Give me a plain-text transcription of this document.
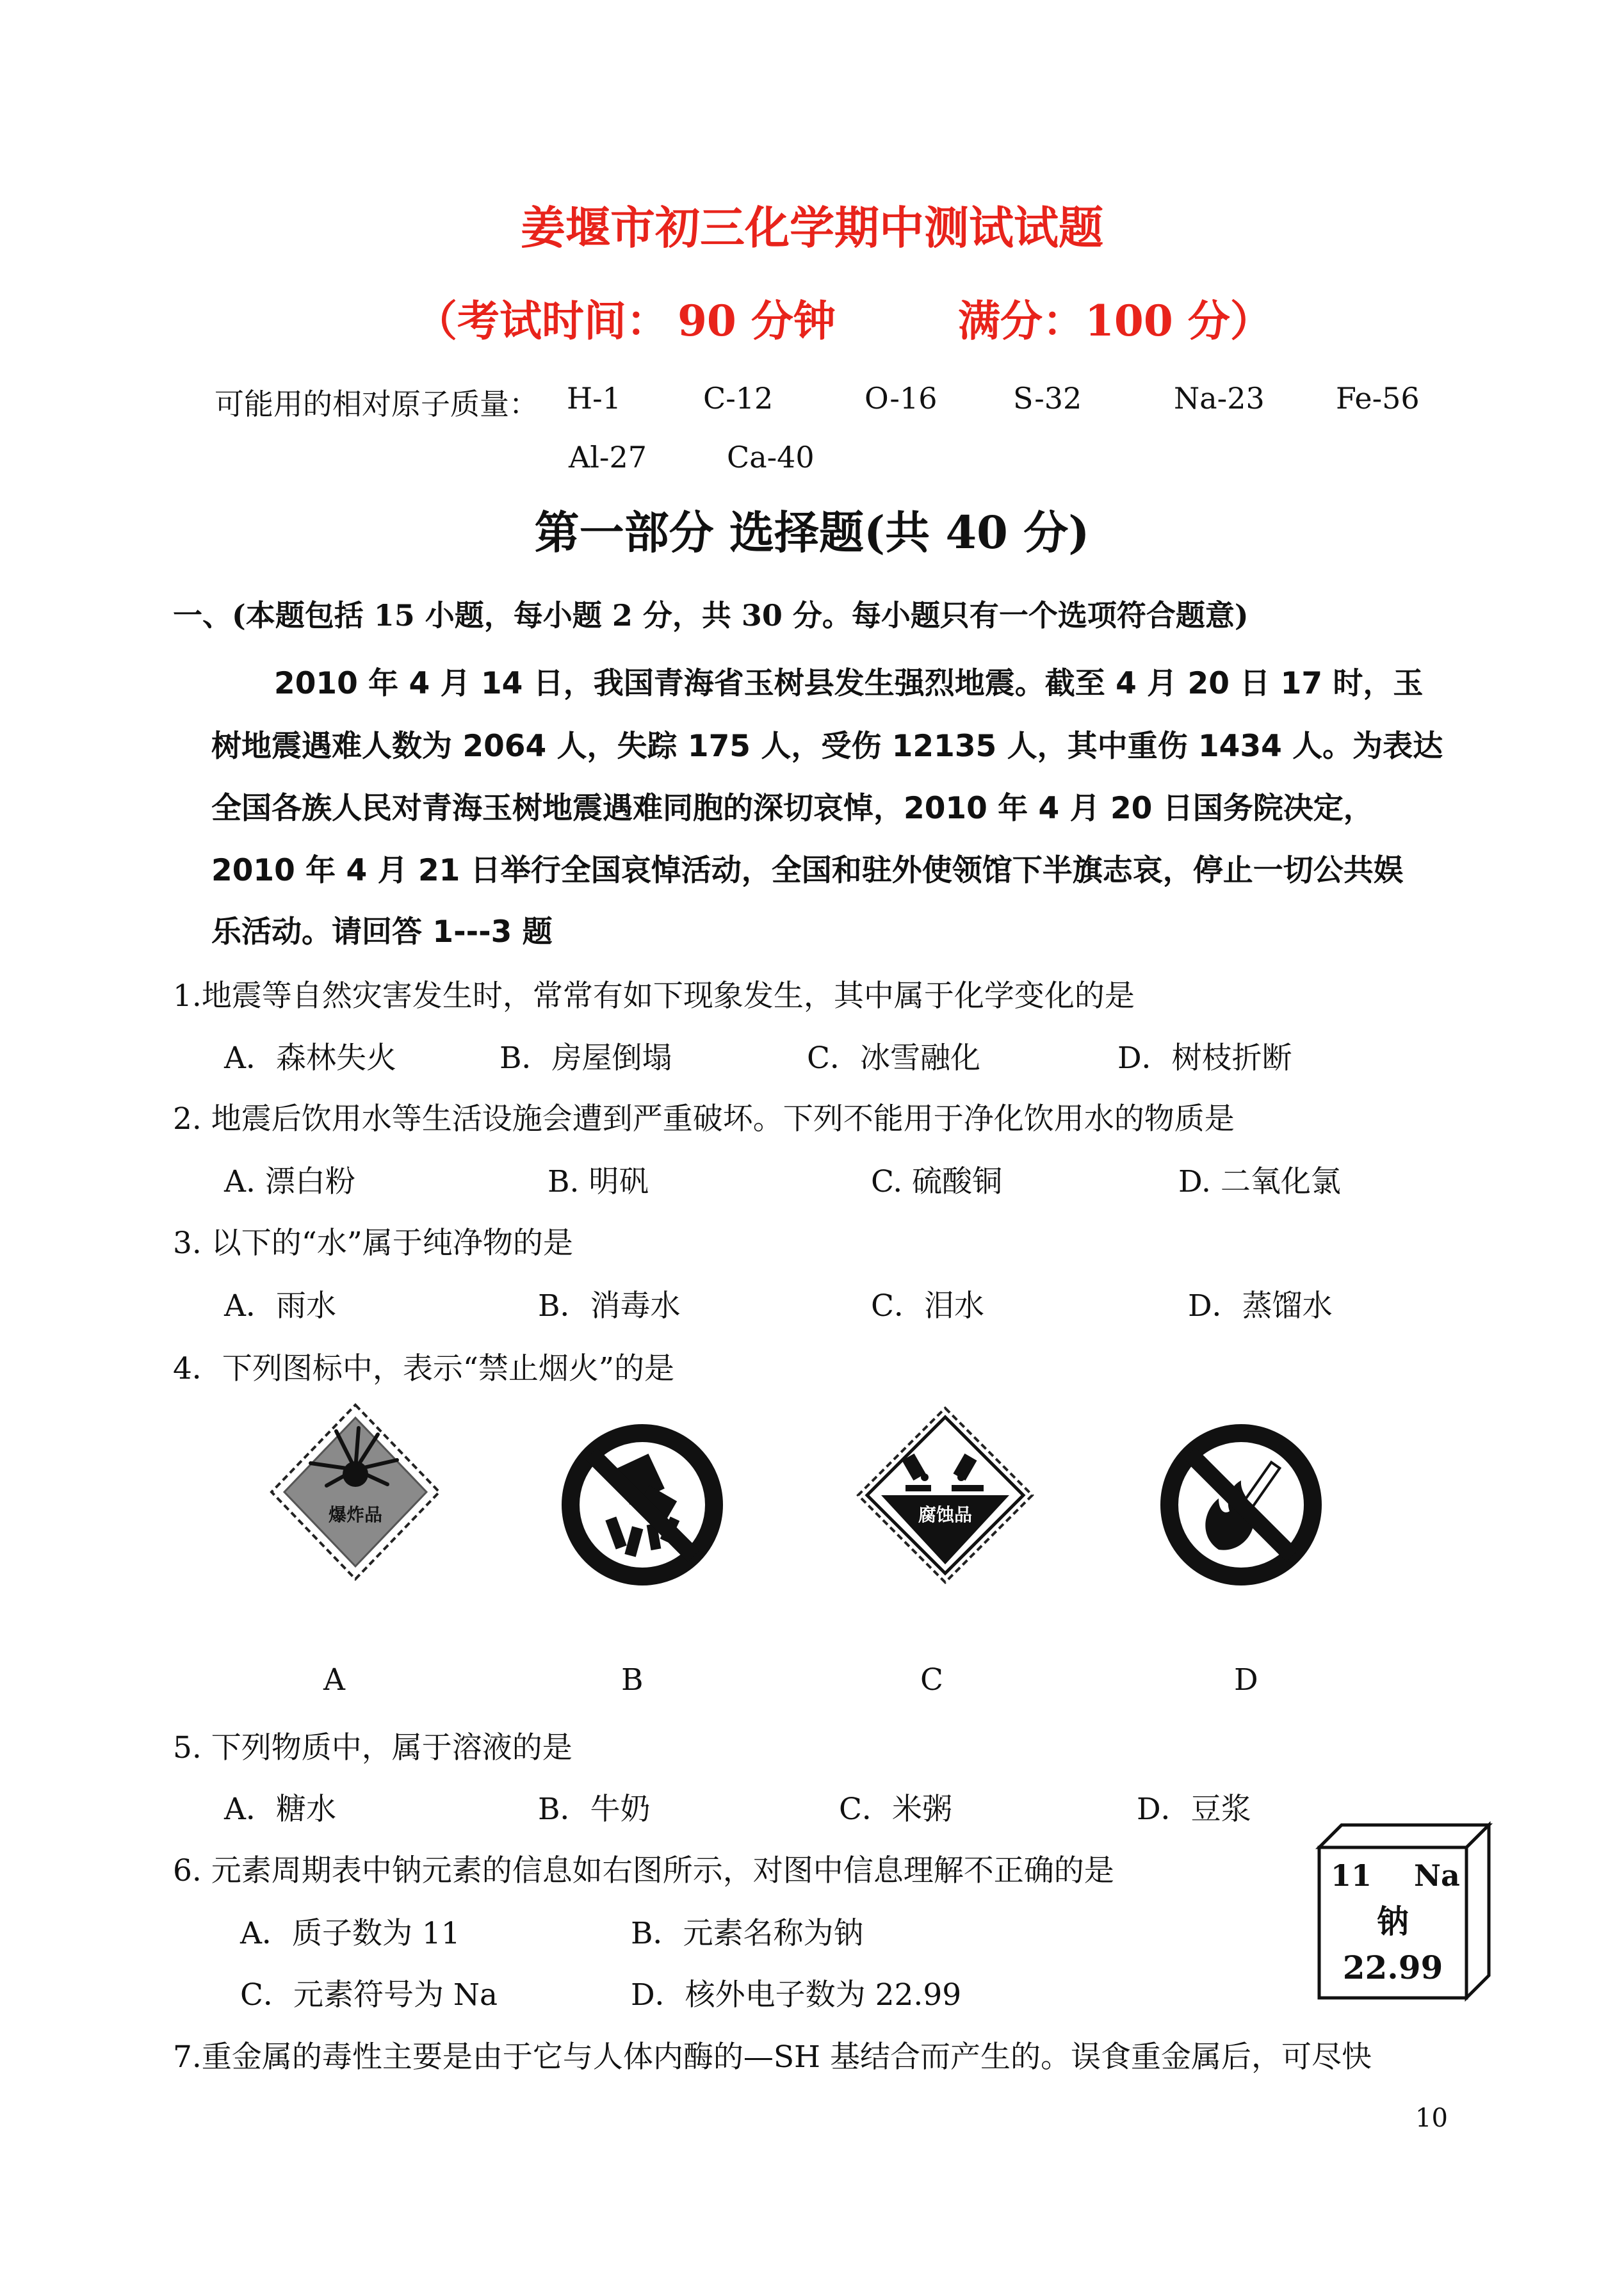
姜堰市初三化学期中测试试题
（考试时间： 90 分钟	满分：100 分）
可能用的相对原子质量： H-1	C-12	O-16	S-32	Na-23 Fe-56
Al-27	Ca-40
第一部分 选择题(共 40 分)
一、(本题包括 15 小题，每小题 2 分，共 30 分。每小题只有一个选项符合题意)
2010 年 4 月 14 日，我国青海省玉树县发生强烈地震。截至 4 月 20 日 17 时，玉
树地震遇难人数为 2064 人，失踪 175 人，受伤 12135 人，其中重伤 1434 人。为表达
全国各族人民对青海玉树地震遇难同胞的深切哀悼，2010 年 4 月 20 日国务院决定，
2010 年 4 月 21 日举行全国哀悼活动，全国和驻外使领馆下半旗志哀，停止一切公共娱
乐活动。请回答 1---3 题
1.地震等自然灾害发生时，常常有如下现象发生，其中属于化学变化的是
A．森林失火	B．房屋倒塌	C．冰雪融化	D．树枝折断
2. 地震后饮用水等生活设施会遭到严重破坏。下列不能用于净化饮用水的物质是
A. 漂白粉	B. 明矾	C. 硫酸铜	D. 二氧化氯
3. 以下的“水”属于纯净物的是
A．雨水	B．消毒水	C．泪水	D．蒸馏水
4．下列图标中，表示“禁止烟火”的是
爆炸品	腐蚀品
A	B	C	D
5. 下列物质中，属于溶液的是
A．糖水	B．牛奶	C．米粥	D．豆浆
6. 元素周期表中钠元素的信息如右图所示，对图中信息理解不正确的是
A．质子数为 11	B．元素名称为钠
C．元素符号为 Na	D．核外电子数为 22.99
11 Na
钠
22.99
7.重金属的毒性主要是由于它与人体内酶的—SH 基结合而产生的。误食重金属后，可尽快
10
